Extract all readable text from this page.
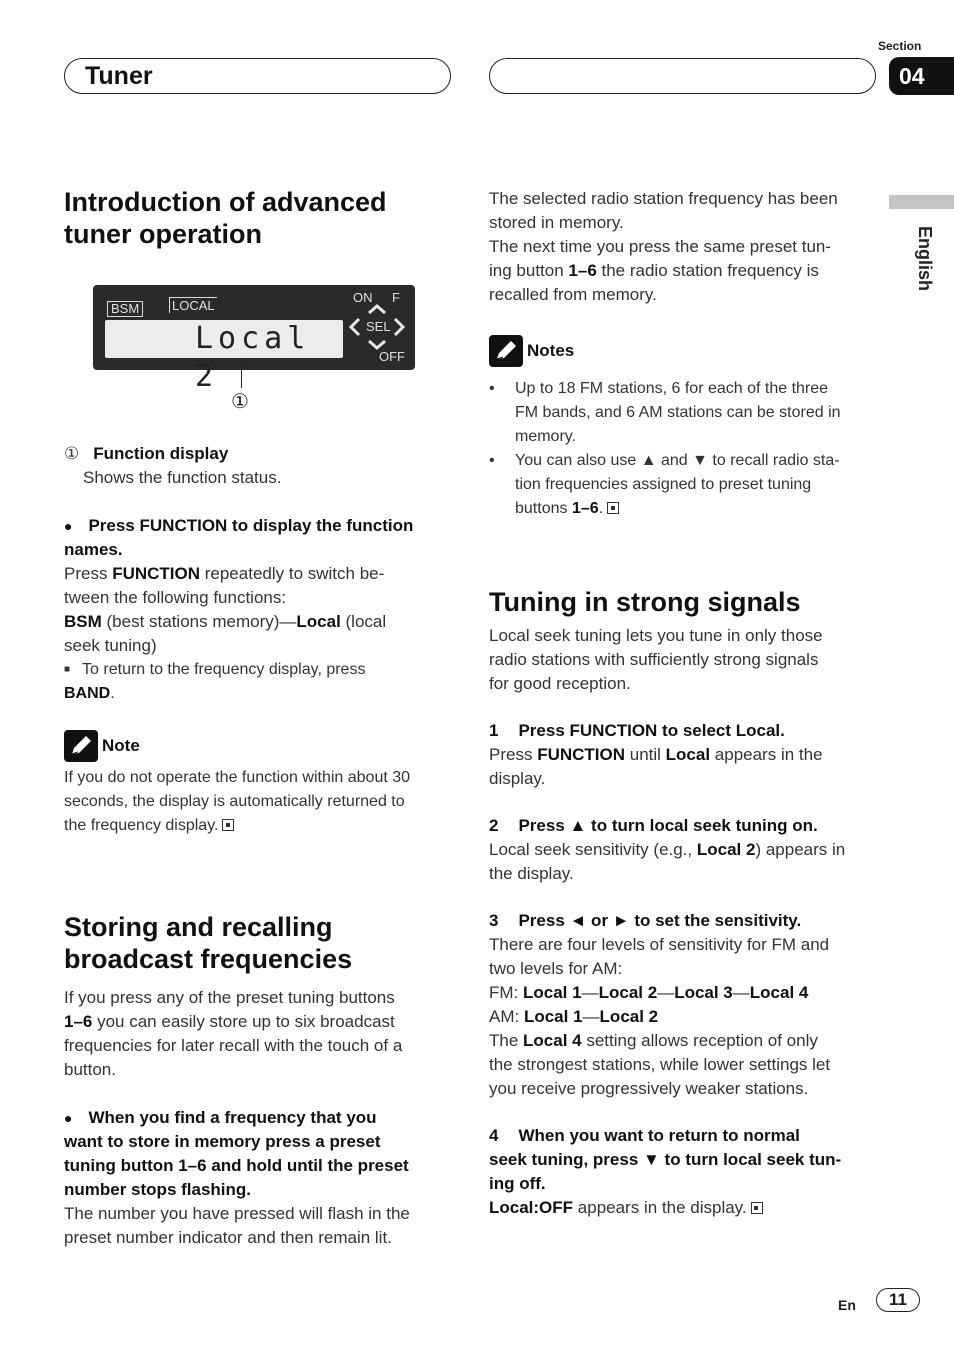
Tuner
Section
04
English
Introduction of advanced
tuner operation
BSM	LOCAL
ON F
SEL
OFF
Local 2
①

① Function display

Shows the function status.

● Press FUNCTION to display the function
names.

Press FUNCTION repeatedly to switch be-
tween the following functions:

BSM (best stations memory)—Local (local
seek tuning)

■ To return to the frequency display, press
BAND.

Note

If you do not operate the function within about 30
seconds, the display is automatically returned to
the frequency display.

Storing and recalling
broadcast frequencies

If you press any of the preset tuning buttons
1–6 you can easily store up to six broadcast
frequencies for later recall with the touch of a
button.

● When you find a frequency that you
want to store in memory press a preset
tuning button 1–6 and hold until the preset
number stops flashing.

The number you have pressed will flash in the
preset number indicator and then remain lit.

The selected radio station frequency has been
stored in memory.
The next time you press the same preset tun-
ing button 1–6 the radio station frequency is
recalled from memory.

Notes

• Up to 18 FM stations, 6 for each of the three
FM bands, and 6 AM stations can be stored in
memory.
• You can also use ▲ and ▼ to recall radio sta-
tion frequencies assigned to preset tuning
buttons 1–6.
Tuning in strong signals

Local seek tuning lets you tune in only those
radio stations with sufficiently strong signals
for good reception.

1 Press FUNCTION to select Local.

Press FUNCTION until Local appears in the
display.

2 Press ▲ to turn local seek tuning on.

Local seek sensitivity (e.g., Local 2) appears in
the display.

3 Press ◄ or ► to set the sensitivity.

There are four levels of sensitivity for FM and
two levels for AM:
FM: Local 1—Local 2—Local 3—Local 4
AM: Local 1—Local 2
The Local 4 setting allows reception of only
the strongest stations, while lower settings let
you receive progressively weaker stations.

4 When you want to return to normal
seek tuning, press ▼ to turn local seek tun-
ing off.

Local:OFF appears in the display.

En	11
